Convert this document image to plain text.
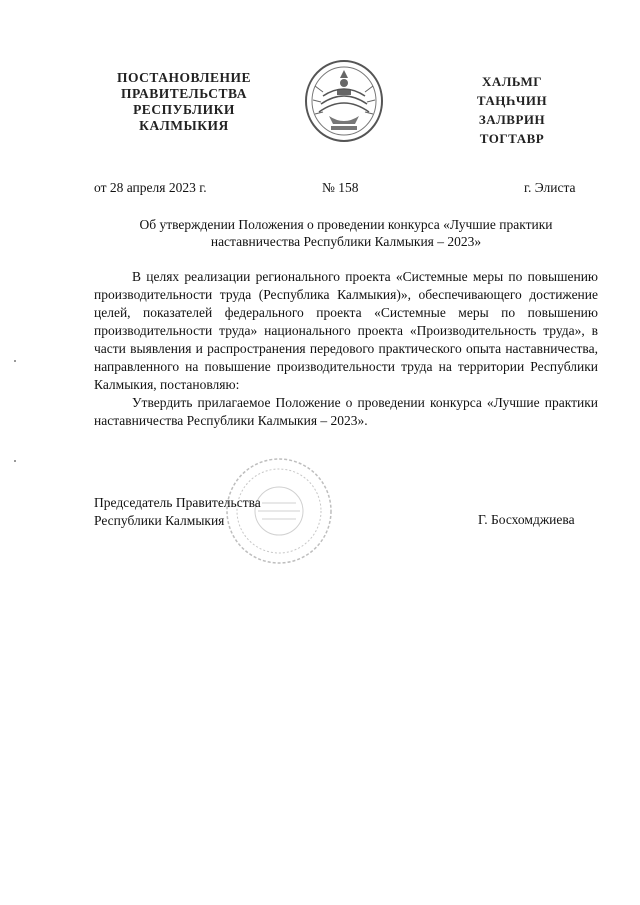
ПОСТАНОВЛЕНИЕ
ПРАВИТЕЛЬСТВА
РЕСПУБЛИКИ
КАЛМЫКИЯ
ХАЛЬМГ
ТАҢҺЧИН
ЗАЛВРИН
ТОГТАВР
от 28 апреля 2023 г.	№ 158	г. Элиста
Об утверждении Положения о проведении конкурса «Лучшие практики
наставничества Республики Калмыкия – 2023»

В целях реализации регионального проекта «Системные меры по повышению производительности труда (Республика Калмыкия)», обеспечивающего достижение целей, показателей федерального проекта «Системные меры по повышению производительности труда» национального проекта «Производительность труда», в части выявления и распространения передового практического опыта наставничества, направленного на повышение производительности труда на территории Республики Калмыкия, постановляю:

Утвердить прилагаемое Положение о проведении конкурса «Лучшие практики наставничества Республики Калмыкия – 2023».

Председатель Правительства
Республики Калмыкия	Г. Босхомджиева
